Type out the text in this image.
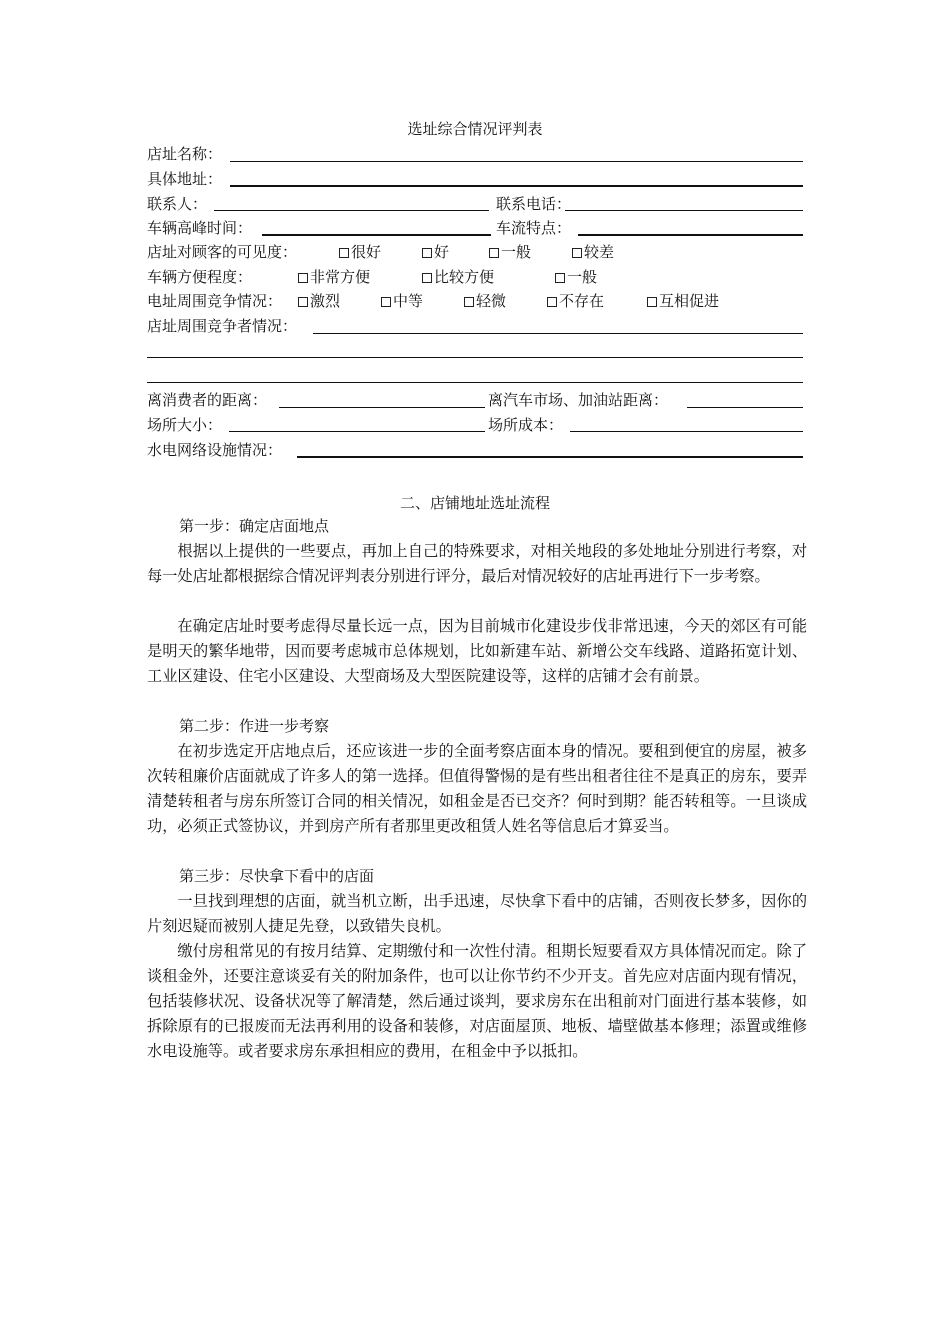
选址综合情况评判表
店址名称：
具体地址：
联系人：	联系电话：
车辆高峰时间：	车流特点：
店址对顾客的可见度：	很好	好	一般	较差
车辆方便程度：	非常方便	比较方便	一般
电址周围竞争情况：	激烈	中等	轻微	不存在	互相促进
店址周围竞争者情况：
离消费者的距离：	离汽车市场、加油站距离：
场所大小：	场所成本：
水电网络设施情况：
二、店铺地址选址流程
第一步：确定店面地点
根据以上提供的一些要点，再加上自己的特殊要求，对相关地段的多处地址分别进行考察，对每一处店址都根据综合情况评判表分别进行评分，最后对情况较好的店址再进行下一步考察。
在确定店址时要考虑得尽量长远一点，因为目前城市化建设步伐非常迅速，今天的郊区有可能是明天的繁华地带，因而要考虑城市总体规划，比如新建车站、新增公交车线路、道路拓宽计划、工业区建设、住宅小区建设、大型商场及大型医院建设等，这样的店铺才会有前景。
第二步：作进一步考察
在初步选定开店地点后，还应该进一步的全面考察店面本身的情况。要租到便宜的房屋，被多次转租廉价店面就成了许多人的第一选择。但值得警惕的是有些出租者往往不是真正的房东，要弄清楚转租者与房东所签订合同的相关情况，如租金是否已交齐？何时到期？能否转租等。一旦谈成功，必须正式签协议，并到房产所有者那里更改租赁人姓名等信息后才算妥当。
第三步：尽快拿下看中的店面
一旦找到理想的店面，就当机立断，出手迅速，尽快拿下看中的店铺，否则夜长梦多，因你的片刻迟疑而被别人捷足先登，以致错失良机。
缴付房租常见的有按月结算、定期缴付和一次性付清。租期长短要看双方具体情况而定。除了谈租金外，还要注意谈妥有关的附加条件，也可以让你节约不少开支。首先应对店面内现有情况，包括装修状况、设备状况等了解清楚，然后通过谈判，要求房东在出租前对门面进行基本装修，如拆除原有的已报废而无法再利用的设备和装修，对店面屋顶、地板、墙壁做基本修理；添置或维修水电设施等。或者要求房东承担相应的费用，在租金中予以抵扣。
